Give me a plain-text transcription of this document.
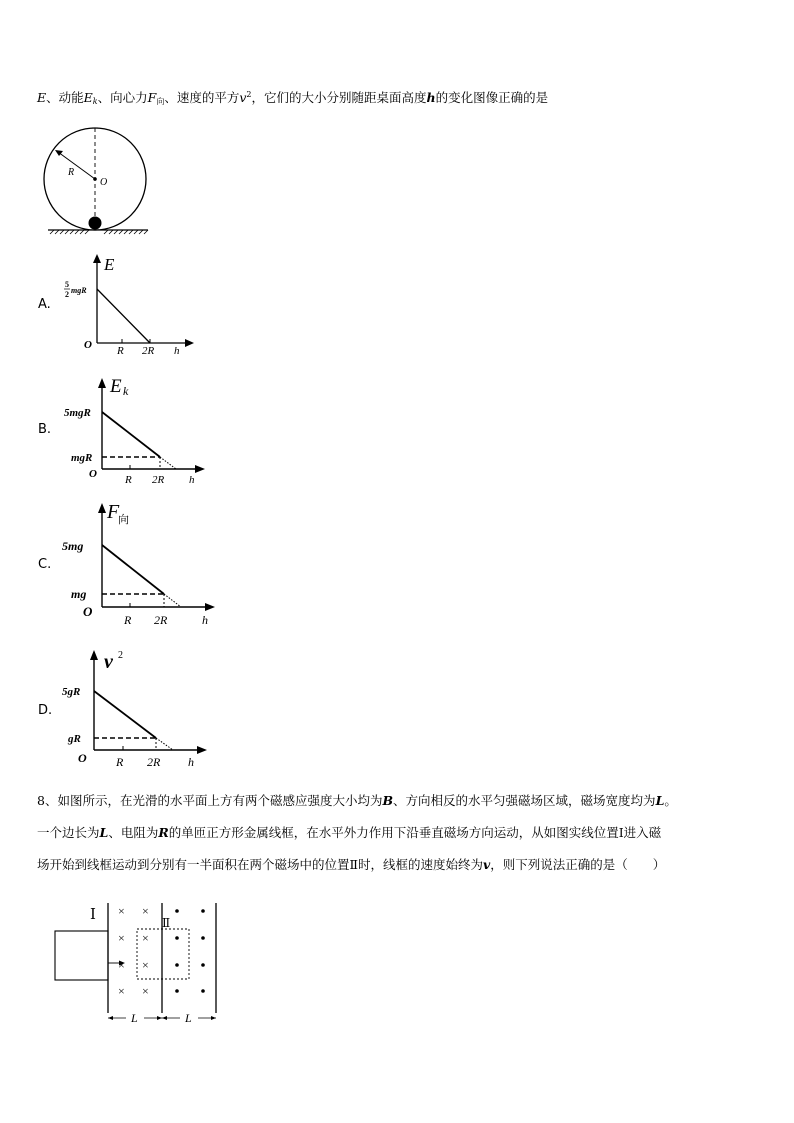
E、动能$E_k$、向心力$F_向$、速度的平方$v^2$，它们的大小分别随距桌面高度h的变化图像正确的是
R
O
A.
E
5
2 mgR
O R 2R h
B.
E k
5mgR
mgR
O	R 2R h
C.
F
向
5mg
mg
O
R 2R	h
D.
v 2
5gR
gR
O R 2R h
8、如图所示，在光滑的水平面上方有两个磁感应强度大小均为B、方向相反的水平匀强磁场区域，磁场宽度均为L。
一个边长为L、电阻为R的单匝正方形金属线框，在水平外力作用下沿垂直磁场方向运动，从如图实线位置Ⅰ进入磁
场开始到线框运动到分别有一半面积在两个磁场中的位置Ⅱ时，线框的速度始终为v，则下列说法正确的是（　　）
Ⅰ	Ⅱ
× ×
× ×
× ×
× ×
L	L
